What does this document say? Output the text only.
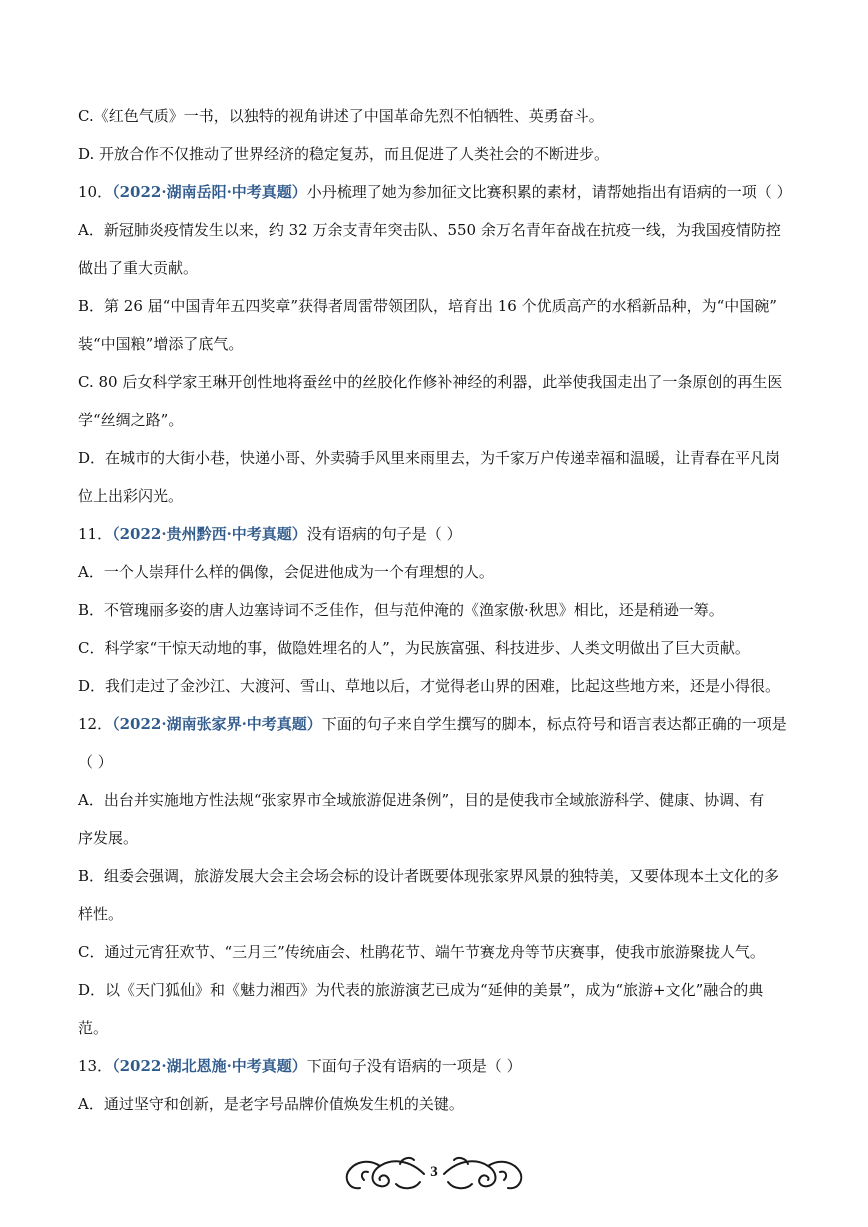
C.《红色气质》一书，以独特的视角讲述了中国革命先烈不怕牺牲、英勇奋斗。

D. 开放合作不仅推动了世界经济的稳定复苏，而且促进了人类社会的不断进步。

10．（2022·湖南岳阳·中考真题）小丹梳理了她为参加征文比赛积累的素材，请帮她指出有语病的一项（ ）

A．新冠肺炎疫情发生以来，约 32 万余支青年突击队、550 余万名青年奋战在抗疫一线，为我国疫情防控
做出了重大贡献。

B．第 26 届“中国青年五四奖章”获得者周雷带领团队，培育出 16 个优质高产的水稻新品种，为“中国碗”
装“中国粮”增添了底气。

C. 80 后女科学家王琳开创性地将蚕丝中的丝胶化作修补神经的利器，此举使我国走出了一条原创的再生医
学“丝绸之路”。

D．在城市的大街小巷，快递小哥、外卖骑手风里来雨里去，为千家万户传递幸福和温暖，让青春在平凡岗
位上出彩闪光。

11．（2022·贵州黔西·中考真题）没有语病的句子是（ ）

A．一个人崇拜什么样的偶像，会促进他成为一个有理想的人。

B．不管瑰丽多姿的唐人边塞诗词不乏佳作，但与范仲淹的《渔家傲·秋思》相比，还是稍逊一筹。

C．科学家“干惊天动地的事，做隐姓埋名的人”，为民族富强、科技进步、人类文明做出了巨大贡献。

D．我们走过了金沙江、大渡河、雪山、草地以后，才觉得老山界的困难，比起这些地方来，还是小得很。

12．（2022·湖南张家界·中考真题）下面的句子来自学生撰写的脚本，标点符号和语言表达都正确的一项是
（ ）

A．出台并实施地方性法规“张家界市全域旅游促进条例”，目的是使我市全域旅游科学、健康、协调、有
序发展。

B．组委会强调，旅游发展大会主会场会标的设计者既要体现张家界风景的独特美，又要体现本土文化的多
样性。

C．通过元宵狂欢节、“三月三”传统庙会、杜鹃花节、端午节赛龙舟等节庆赛事，使我市旅游聚拢人气。

D．以《天门狐仙》和《魅力湘西》为代表的旅游演艺已成为“延伸的美景”，成为“旅游+文化”融合的典
范。

13．（2022·湖北恩施·中考真题）下面句子没有语病的一项是（ ）

A．通过坚守和创新，是老字号品牌价值焕发生机的关键。

3
